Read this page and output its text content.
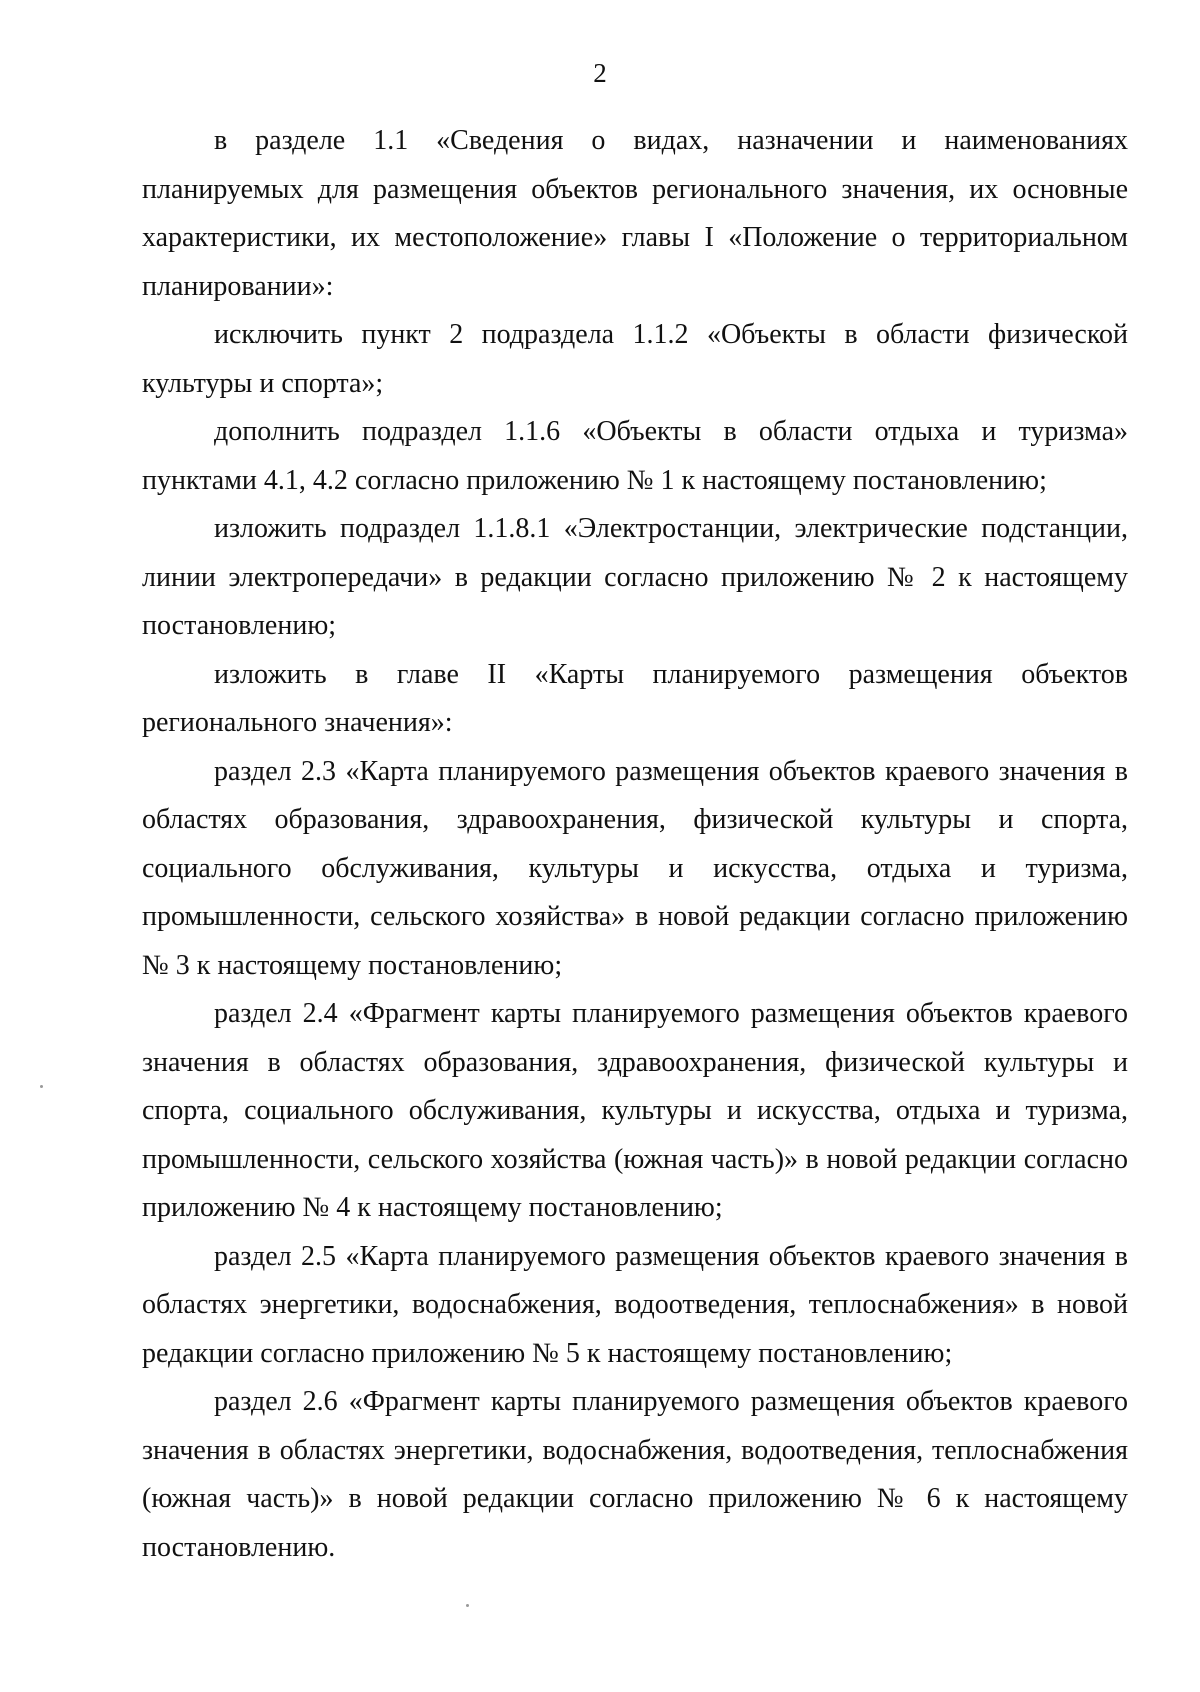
2

в разделе 1.1 «Сведения о видах, назначении и наименованиях планируемых для размещения объектов регионального значения, их основные характеристики, их местоположение» главы I «Положение о территориальном планировании»:

исключить пункт 2 подраздела 1.1.2 «Объекты в области физической культуры и спорта»;

дополнить подраздел 1.1.6 «Объекты в области отдыха и туризма» пунктами 4.1, 4.2 согласно приложению № 1 к настоящему постановлению;

изложить подраздел 1.1.8.1 «Электростанции, электрические подстанции, линии электропередачи» в редакции согласно приложению № 2 к настоящему постановлению;

изложить в главе II «Карты планируемого размещения объектов регионального значения»:

раздел 2.3 «Карта планируемого размещения объектов краевого значения в областях образования, здравоохранения, физической культуры и спорта, социального обслуживания, культуры и искусства, отдыха и туризма, промышленности, сельского хозяйства» в новой редакции согласно приложению № 3 к настоящему постановлению;

раздел 2.4 «Фрагмент карты планируемого размещения объектов краевого значения в областях образования, здравоохранения, физической культуры и спорта, социального обслуживания, культуры и искусства, отдыха и туризма, промышленности, сельского хозяйства (южная часть)» в новой редакции согласно приложению № 4 к настоящему постановлению;

раздел 2.5 «Карта планируемого размещения объектов краевого значения в областях энергетики, водоснабжения, водоотведения, теплоснабжения» в новой редакции согласно приложению № 5 к настоящему постановлению;

раздел 2.6 «Фрагмент карты планируемого размещения объектов краевого значения в областях энергетики, водоснабжения, водоотведения, теплоснабжения (южная часть)» в новой редакции согласно приложению № 6 к настоящему постановлению.
